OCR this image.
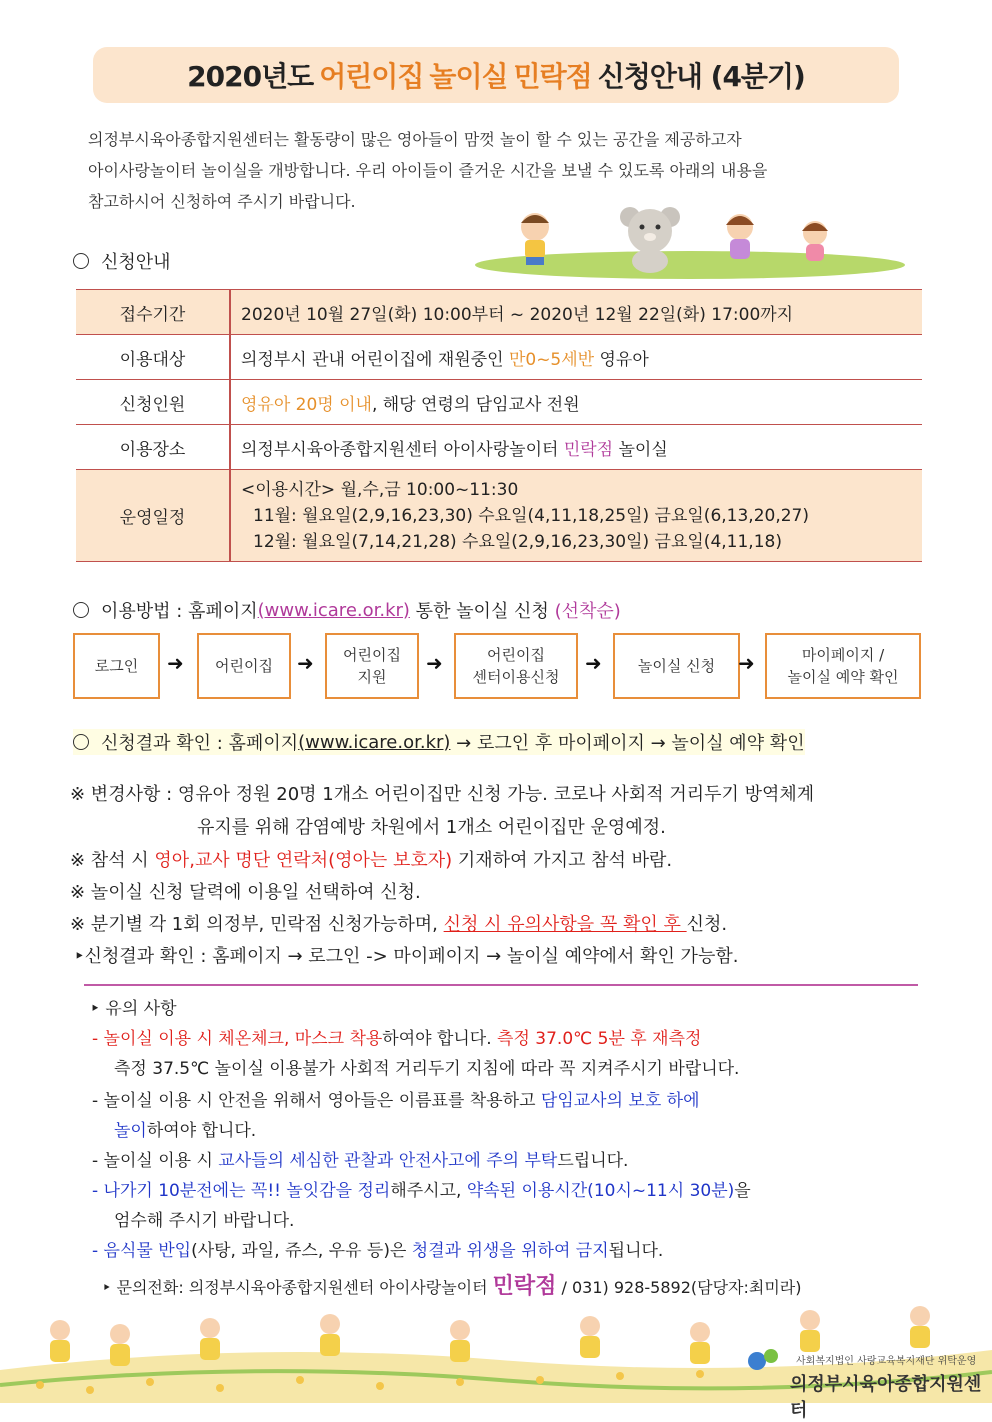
2020년도 어린이집 놀이실 민락점 신청안내 (4분기)
의정부시육아종합지원센터는 활동량이 많은 영아들이 맘껏 놀이 할 수 있는 공간을 제공하고자
아이사랑놀이터 놀이실을 개방합니다. 우리 아이들이 즐거운 시간을 보낼 수 있도록 아래의 내용을
참고하시어 신청하여 주시기 바랍니다.
신청안내
접수기간	2020년 10월 27일(화) 10:00부터 ~ 2020년 12월 22일(화) 17:00까지
이용대상	의정부시 관내 어린이집에 재원중인 만0~5세반 영유아
신청인원	영유아 20명 이내, 해당 연령의 담임교사 전원
이용장소	의정부시육아종합지원센터 아이사랑놀이터 민락점 놀이실
운영일정	<이용시간> 월,수,금 10:00~11:30
11월: 월요일(2,9,16,23,30) 수요일(4,11,18,25일) 금요일(6,13,20,27)
12월: 월요일(7,14,21,28) 수요일(2,9,16,23,30일) 금요일(4,11,18)
이용방법 : 홈페이지 (www.icare.or.kr) 통한 놀이실 신청 (선착순)
로그인 ➜ 어린이집 ➜ 어린이집
지원
➜	어린이집
센터이용신청
➜ 놀이실 신청 ➜	마이페이지 /
놀이실 예약 확인
신청결과 확인 : 홈페이지 (www.icare.or.kr) → 로그인 후 마이페이지 → 놀이실 예약 확인
※ 변경사항 : 영유아 정원 20명 1개소 어린이집만 신청 가능. 코로나 사회적 거리두기 방역체계
유지를 위해 감염예방 차원에서 1개소 어린이집만 운영예정.
※ 참석 시 영아,교사 명단 연락처(영아는 보호자) 기재하여 가지고 참석 바람.
※ 놀이실 신청 달력에 이용일 선택하여 신청.
※ 분기별 각 1회 의정부, 민락점 신청가능하며, 신청 시 유의사항을 꼭 확인 후 신청.
‣신청결과 확인 : 홈페이지 → 로그인 -> 마이페이지 → 놀이실 예약에서 확인 가능함.
‣ 유의 사항
- 놀이실 이용 시 체온체크, 마스크 착용하여야 합니다. 측정 37.0℃ 5분 후 재측정
측정 37.5℃ 놀이실 이용불가 사회적 거리두기 지침에 따라 꼭 지켜주시기 바랍니다.
- 놀이실 이용 시 안전을 위해서 영아들은 이름표를 착용하고 담임교사의 보호 하에
놀이하여야 합니다.
- 놀이실 이용 시 교사들의 세심한 관찰과 안전사고에 주의 부탁드립니다.
- 나가기 10분전에는 꼭!! 놀잇감을 정리해주시고, 약속된 이용시간(10시~11시 30분)을
엄수해 주시기 바랍니다.
- 음식물 반입(사탕, 과일, 쥬스, 우유 등)은 청결과 위생을 위하여 금지됩니다.
‣ 문의전화: 의정부시육아종합지원센터 아이사랑놀이터 민락점 / 031) 928-5892(담당자:최미라)
사회복지법인 사랑교육복지재단 위탁운영
의정부시육아종합지원센터
